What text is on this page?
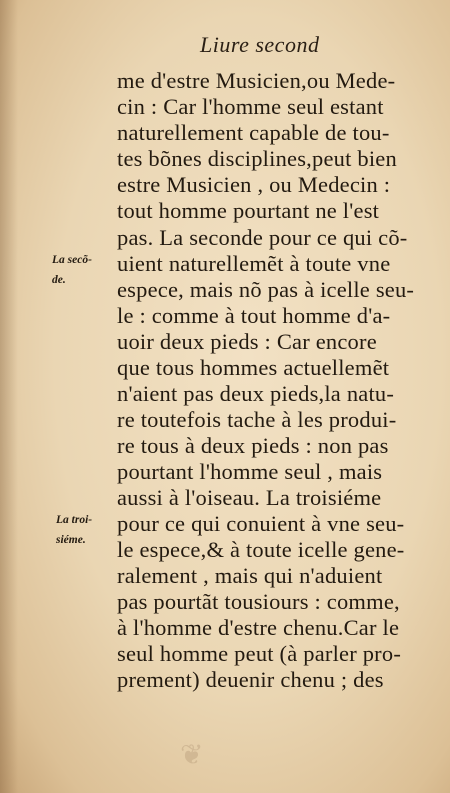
❦
Liure second
La secõ-
de.
La troi-
siéme.
me d'estre Musicien,ou Mede-
cin : Car l'homme seul estant
naturellement capable de tou-
tes bõnes disciplines,peut bien
estre Musicien , ou Medecin :
tout homme pourtant ne l'est
pas. La seconde pour ce qui cõ-
uient naturellemẽt à toute vne
espece, mais nõ pas à icelle seu-
le : comme à tout homme d'a-
uoir deux pieds : Car encore
que tous hommes actuellemẽt
n'aient pas deux pieds,la natu-
re toutefois tache à les produi-
re tous à deux pieds : non pas
pourtant l'homme seul , mais
aussi à l'oiseau. La troisiéme
pour ce qui conuient à vne seu-
le espece,& à toute icelle gene-
ralement , mais qui n'aduient
pas pourtãt tousiours : comme,
à l'homme d'estre chenu.Car le
seul homme peut (à parler pro-
prement) deuenir chenu ; des
